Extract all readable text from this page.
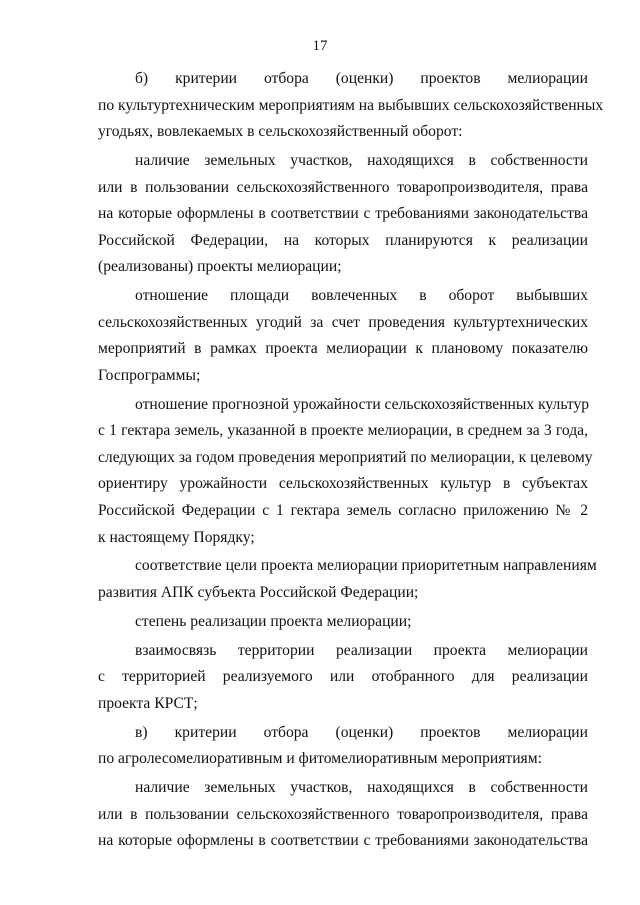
17
б) критерии отбора (оценки) проектов мелиорации
по культуртехническим мероприятиям на выбывших сельскохозяйственных
угодьях, вовлекаемых в сельскохозяйственный оборот:
наличие земельных участков, находящихся в собственности
или в пользовании сельскохозяйственного товаропроизводителя, права
на которые оформлены в соответствии с требованиями законодательства
Российской Федерации, на которых планируются к реализации
(реализованы) проекты мелиорации;
отношение площади вовлеченных в оборот выбывших
сельскохозяйственных угодий за счет проведения культуртехнических
мероприятий в рамках проекта мелиорации к плановому показателю
Госпрограммы;
отношение прогнозной урожайности сельскохозяйственных культур
с 1 гектара земель, указанной в проекте мелиорации, в среднем за 3 года,
следующих за годом проведения мероприятий по мелиорации, к целевому
ориентиру урожайности сельскохозяйственных культур в субъектах
Российской Федерации с 1 гектара земель согласно приложению № 2
к настоящему Порядку;
соответствие цели проекта мелиорации приоритетным направлениям
развития АПК субъекта Российской Федерации;
степень реализации проекта мелиорации;
взаимосвязь территории реализации проекта мелиорации
с территорией реализуемого или отобранного для реализации
проекта КРСТ;
в) критерии отбора (оценки) проектов мелиорации
по агролесомелиоративным и фитомелиоративным мероприятиям:
наличие земельных участков, находящихся в собственности
или в пользовании сельскохозяйственного товаропроизводителя, права
на которые оформлены в соответствии с требованиями законодательства
